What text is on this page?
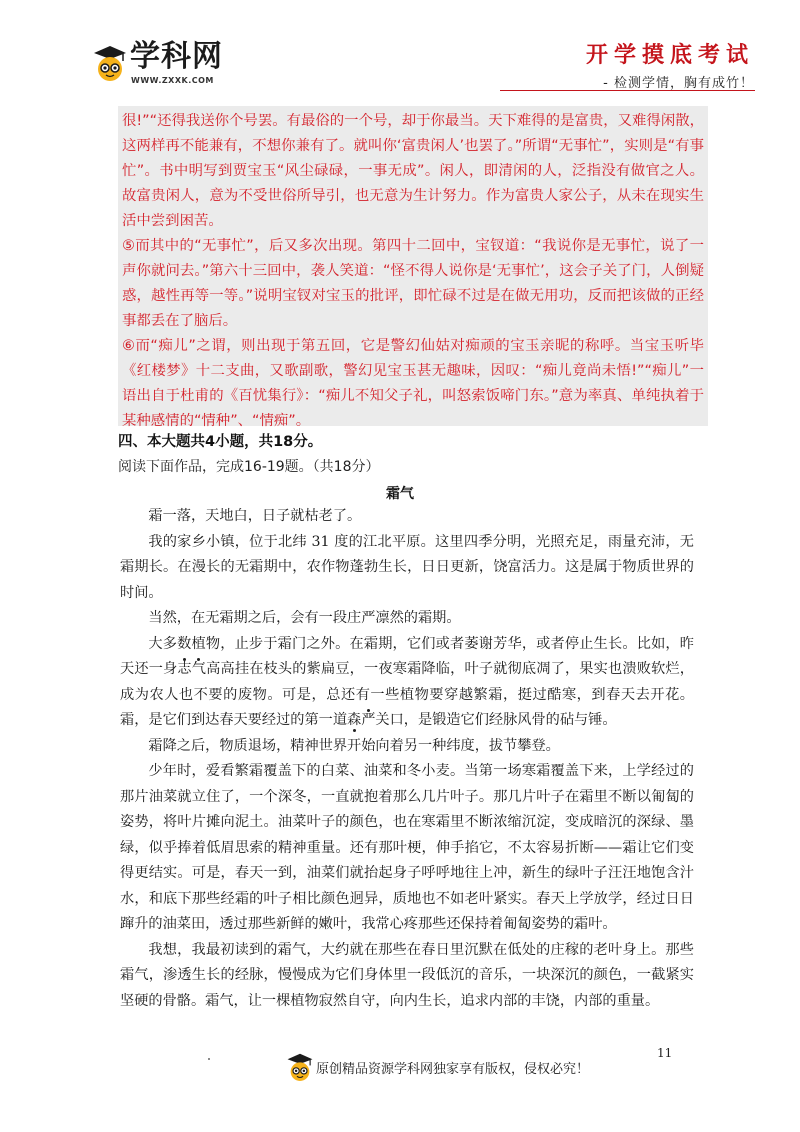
学科网
WWW.ZXXK.COM
开学摸底考试
- 检测学情，胸有成竹！

很!”“还得我送你个号罢。有最俗的一个号，却于你最当。天下难得的是富贵，又难得闲散，这两样再不能兼有，不想你兼有了。就叫你‘富贵闲人’也罢了。”所谓“无事忙”，实则是“有事忙”。书中明写到贾宝玉“风尘碌碌，一事无成”。闲人，即清闲的人，泛指没有做官之人。故富贵闲人，意为不受世俗所导引，也无意为生计努力。作为富贵人家公子，从未在现实生活中尝到困苦。

⑤而其中的“无事忙”，后又多次出现。第四十二回中，宝钗道：“我说你是无事忙，说了一声你就问去。”第六十三回中，袭人笑道：“怪不得人说你是‘无事忙’，这会子关了门，人倒疑惑，越性再等一等。”说明宝钗对宝玉的批评，即忙碌不过是在做无用功，反而把该做的正经事都丢在了脑后。

⑥而“痴儿”之谓，则出现于第五回，它是警幻仙姑对痴顽的宝玉亲昵的称呼。当宝玉听毕《红楼梦》十二支曲，又歌副歌，警幻见宝玉甚无趣味，因叹：“痴儿竟尚未悟!”“痴儿”一语出自于杜甫的《百忧集行》：“痴儿不知父子礼，叫怒索饭啼门东。”意为率真、单纯执着于某种感情的“情种”、“情痴”。

四、本大题共4小题，共18分。
阅读下面作品，完成16-19题。（共18分）
霜气

霜一落，天地白，日子就枯老了。

我的家乡小镇，位于北纬 31 度的江北平原。这里四季分明，光照充足，雨量充沛，无霜期长。在漫长的无霜期中，农作物蓬勃生长，日日更新，饶富活力。这是属于物质世界的时间。

当然，在无霜期之后，会有一段庄严凛然的霜期。

大多数植物，止步于霜门之外。在霜期，它们或者萎谢芳华，或者停止生长。比如，昨天还一身志气高高挂在枝头的紫扁豆，一夜寒霜降临，叶子就彻底凋了，果实也溃败软烂，成为农人也不要的废物。可是，总还有一些植物要穿越繁霜，挺过酷寒，到春天去开花。霜，是它们到达春天要经过的第一道森严关口，是锻造它们经脉风骨的砧与锤。

霜降之后，物质退场，精神世界开始向着另一种纬度，拔节攀登。

少年时，爱看繁霜覆盖下的白菜、油菜和冬小麦。当第一场寒霜覆盖下来，上学经过的那片油菜就立住了，一个深冬，一直就抱着那么几片叶子。那几片叶子在霜里不断以匍匐的姿势，将叶片摊向泥土。油菜叶子的颜色，也在寒霜里不断浓缩沉淀，变成暗沉的深绿、墨绿，似乎捧着低眉思索的精神重量。还有那叶梗，伸手掐它，不太容易折断——霜让它们变得更结实。可是，春天一到，油菜们就抬起身子呼呼地往上冲，新生的绿叶子汪汪地饱含汁水，和底下那些经霜的叶子相比颜色迥异，质地也不如老叶紧实。春天上学放学，经过日日蹿升的油菜田，透过那些新鲜的嫩叶，我常心疼那些还保持着匍匐姿势的霜叶。

我想，我最初读到的霜气，大约就在那些在春日里沉默在低处的庄稼的老叶身上。那些霜气，渗透生长的经脉，慢慢成为它们身体里一段低沉的音乐，一块深沉的颜色，一截紧实坚硬的骨骼。霜气，让一棵植物寂然自守，向内生长，追求内部的丰饶，内部的重量。

11
原创精品资源学科网独家享有版权，侵权必究！
